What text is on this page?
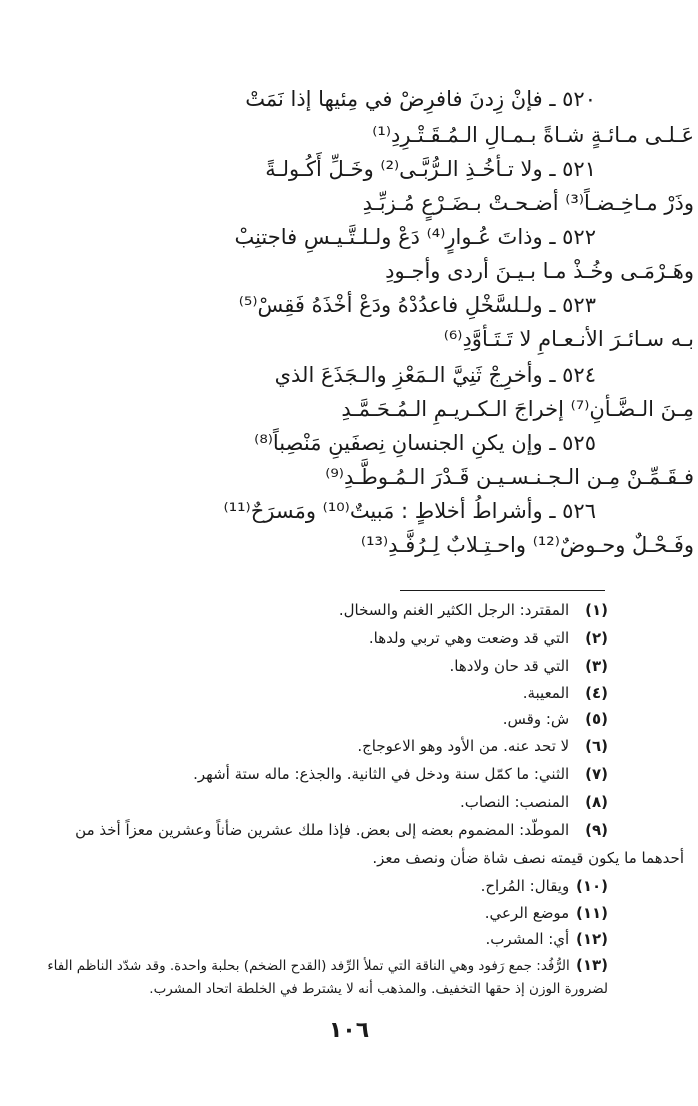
٥٢٠ ـ فإنْ زِدنَ فافرِضْ في مِئيها إذا نَمَتْ
عَـلـى مـائـةٍ شـاةً بـمـالِ الـمُـقَـتْـرِدِ⁽¹⁾
٥٢١ ـ ولا تـأخُـذِ الـرُّبَّـى⁽²⁾ وخَـلِّ أَكُـولـةً
وذَرْ مـاخِـضـاً⁽³⁾ أضـحـتْ بـضَـرْعٍ مُـزبِّـدِ
٥٢٢ ـ وذاتَ عُـوارٍ⁽⁴⁾ دَعْ ولـلـتَّـيـسِ فاجتنِبْ
وهَـرْمَـى وخُـذْ مـا بـيـنَ أردى وأجـودِ
٥٢٣ ـ ولـلسَّخْلِ فاعدُدْهُ ودَعْ أخْذَهُ فَقِسْ⁽⁵⁾
بـه سـائـرَ الأنـعـامِ لا تَـتَـأوَّدِ⁽⁶⁾
٥٢٤ ـ وأخرِجْ ثَنِيَّ الـمَعْزِ والـجَذَعَ الذي
مِـنَ الـضَّـأنِ⁽⁷⁾ إخراجَ الـكـريـمِ الـمُـحَـمَّـدِ
٥٢٥ ـ وإن يكنِ الجنسانِ نِصفَينِ مَنْصِباً⁽⁸⁾
فـقَـمِّـنْ مِـن الـجـنـسـيـن قَـدْرَ الـمُـوطَّـدِ⁽⁹⁾
٥٢٦ ـ وأشراطُ أخلاطٍ : مَبيتٌ⁽¹⁰⁾ ومَسرَحٌ⁽¹¹⁾
وفَـحْـلٌ وحـوضٌ⁽¹²⁾ واحـتِـلابٌ لِـرُفَّـدِ⁽¹³⁾
(١) المقترد: الرجل الكثير الغنم والسخال.
(٢) التي قد وضعت وهي تربي ولدها.
(٣) التي قد حان ولادها.
(٤) المعيبة.
(٥) ش: وقس.
(٦) لا تحد عنه. من الأود وهو الاعوجاج.
(٧) الثني: ما كمّل سنة ودخل في الثانية. والجذع: ماله ستة أشهر.
(٨) المنصب: النصاب.
(٩) الموطّد: المضموم بعضه إلى بعض. فإذا ملك عشرين ضأناً وعشرين معزاً أخذ من
أحدهما ما يكون قيمته نصف شاة ضأن ونصف معز.
(١٠) ويقال: المُراح.
(١١) موضع الرعي.
(١٢) أي: المشرب.
(١٣) الرُّفُد: جمع رَفود وهي الناقة التي تملأ الرِّفد (القدح الضخم) بحلبة واحدة. وقد شدّد الناظم الفاء لضرورة الوزن إذ حقها التخفيف. والمذهب أنه لا يشترط في الخلطة اتحاد المشرب.
١٠٦
